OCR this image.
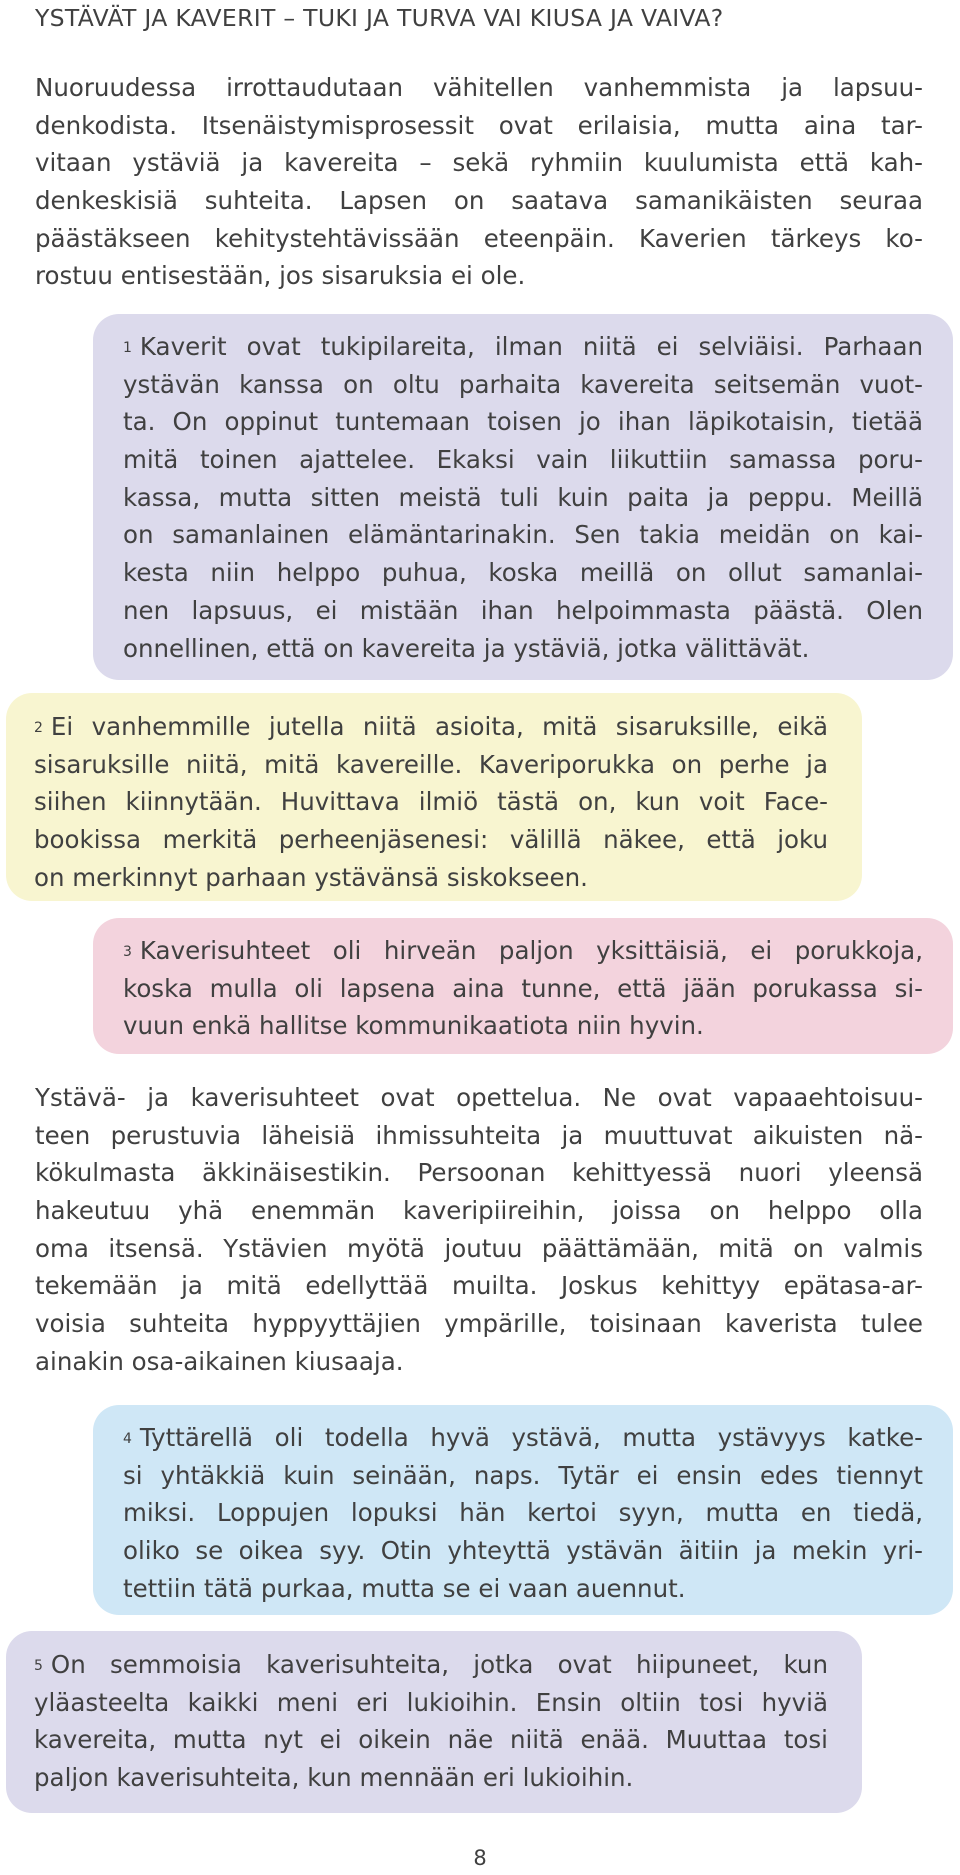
YSTÄVÄT JA KAVERIT – TUKI JA TURVA VAI KIUSA JA VAIVA?
Nuoruudessa irrottaudutaan vähitellen vanhemmista ja lapsuu-
denkodista. Itsenäistymisprosessit ovat erilaisia, mutta aina tar-
vitaan ystäviä ja kavereita – sekä ryhmiin kuulumista että kah-
denkeskisiä suhteita. Lapsen on saatava samanikäisten seuraa
päästäkseen kehitystehtävissään eteenpäin. Kaverien tärkeys ko-
rostuu entisestään, jos sisaruksia ei ole.
$^1$ Kaverit ovat tukipilareita, ilman niitä ei selviäisi. Parhaan
ystävän kanssa on oltu parhaita kavereita seitsemän vuot-
ta. On oppinut tuntemaan toisen jo ihan läpikotaisin, tietää
mitä toinen ajattelee. Ekaksi vain liikuttiin samassa poru-
kassa, mutta sitten meistä tuli kuin paita ja peppu. Meillä
on samanlainen elämäntarinakin. Sen takia meidän on kai-
kesta niin helppo puhua, koska meillä on ollut samanlai-
nen lapsuus, ei mistään ihan helpoimmasta päästä. Olen
onnellinen, että on kavereita ja ystäviä, jotka välittävät.
$^2$ Ei vanhemmille jutella niitä asioita, mitä sisaruksille, eikä
sisaruksille niitä, mitä kavereille. Kaveriporukka on perhe ja
siihen kiinnytään. Huvittava ilmiö tästä on, kun voit Face-
bookissa merkitä perheenjäsenesi: välillä näkee, että joku
on merkinnyt parhaan ystävänsä siskokseen.
$^3$ Kaverisuhteet oli hirveän paljon yksittäisiä, ei porukkoja,
koska mulla oli lapsena aina tunne, että jään porukassa si-
vuun enkä hallitse kommunikaatiota niin hyvin.
Ystävä- ja kaverisuhteet ovat opettelua. Ne ovat vapaaehtoisuu-
teen perustuvia läheisiä ihmissuhteita ja muuttuvat aikuisten nä-
kökulmasta äkkinäisestikin. Persoonan kehittyessä nuori yleensä
hakeutuu yhä enemmän kaveripiireihin, joissa on helppo olla
oma itsensä. Ystävien myötä joutuu päättämään, mitä on valmis
tekemään ja mitä edellyttää muilta. Joskus kehittyy epätasa-ar-
voisia suhteita hyppyyttäjien ympärille, toisinaan kaverista tulee
ainakin osa-aikainen kiusaaja.
$^4$ Tyttärellä oli todella hyvä ystävä, mutta ystävyys katke-
si yhtäkkiä kuin seinään, naps. Tytär ei ensin edes tiennyt
miksi. Loppujen lopuksi hän kertoi syyn, mutta en tiedä,
oliko se oikea syy. Otin yhteyttä ystävän äitiin ja mekin yri-
tettiin tätä purkaa, mutta se ei vaan auennut.
$^5$ On semmoisia kaverisuhteita, jotka ovat hiipuneet, kun
yläasteelta kaikki meni eri lukioihin. Ensin oltiin tosi hyviä
kavereita, mutta nyt ei oikein näe niitä enää. Muuttaa tosi
paljon kaverisuhteita, kun mennään eri lukioihin.
8
